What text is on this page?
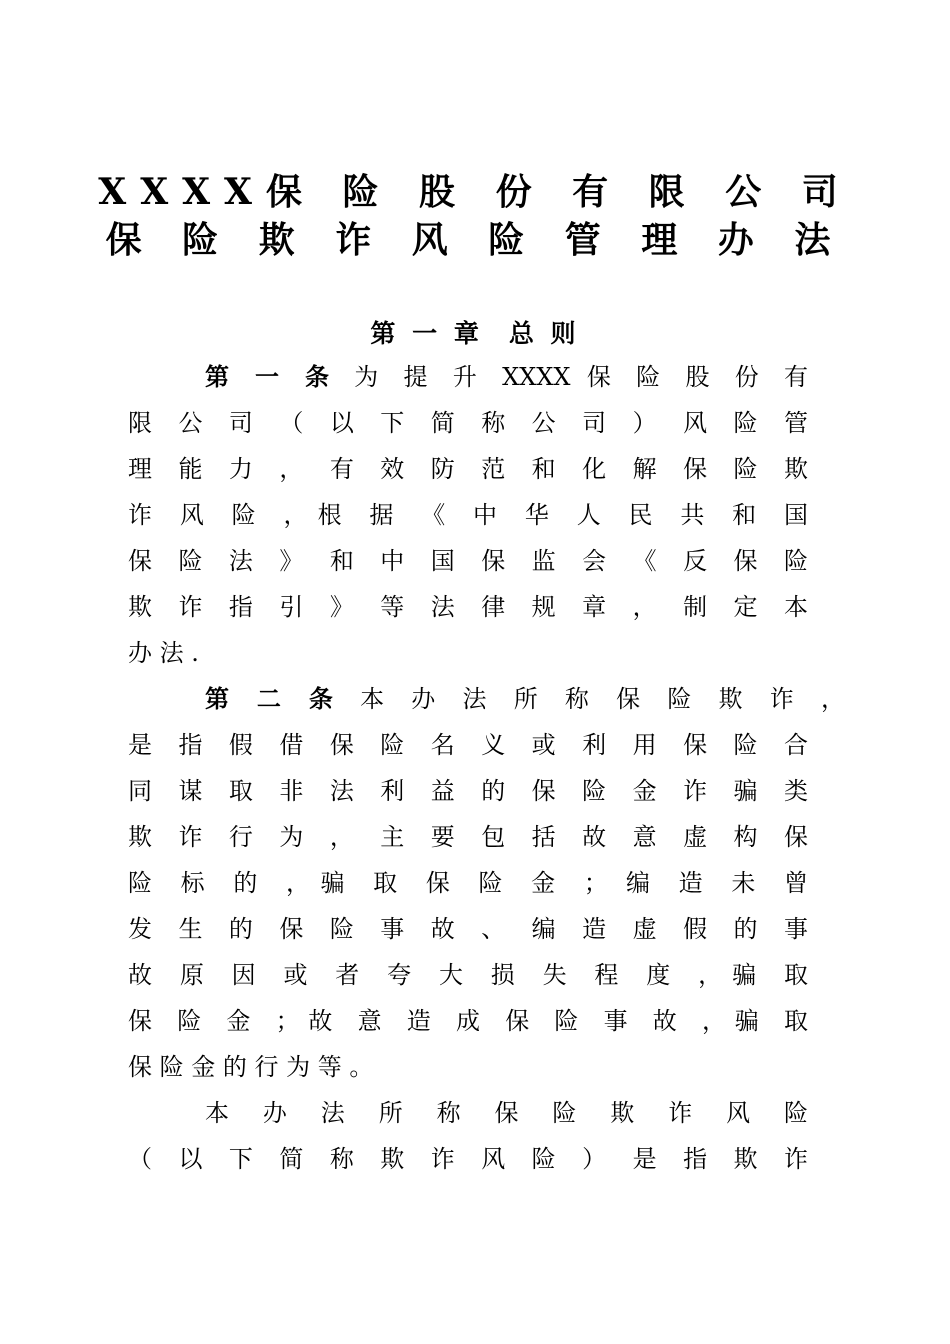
XXXX保 险 股 份 有 限 公 司
保 险 欺 诈 风 险 管 理 办 法
第 一 章 总 则
第 一 条 为 提 升 XXXX 保 险 股 份 有
限 公 司 （ 以 下 简 称 公 司 ） 风 险 管
理 能 力 ， 有 效 防 范 和 化 解 保 险 欺
诈 风 险 ，根 据 《 中 华 人 民 共 和 国
保 险 法 》 和 中 国 保 监 会 《 反 保 险
欺 诈 指 引 》 等 法 律 规 章 ， 制 定 本
办 法 .
第 二 条 本 办 法 所 称 保 险 欺 诈 ，
是 指 假 借 保 险 名 义 或 利 用 保 险 合
同 谋 取 非 法 利 益 的 保 险 金 诈 骗 类
欺 诈 行 为 ， 主 要 包 括 故 意 虚 构 保
险 标 的 ，骗 取 保 险 金 ； 编 造 未 曾
发 生 的 保 险 事 故 、 编 造 虚 假 的 事
故 原 因 或 者 夸 大 损 失 程 度 ，骗 取
保 险 金 ；故 意 造 成 保 险 事 故 ，骗 取
保 险 金 的 行 为 等 。
本 办 法 所 称 保 险 欺 诈 风 险
（ 以 下 简 称 欺 诈 风 险 ） 是 指 欺 诈
